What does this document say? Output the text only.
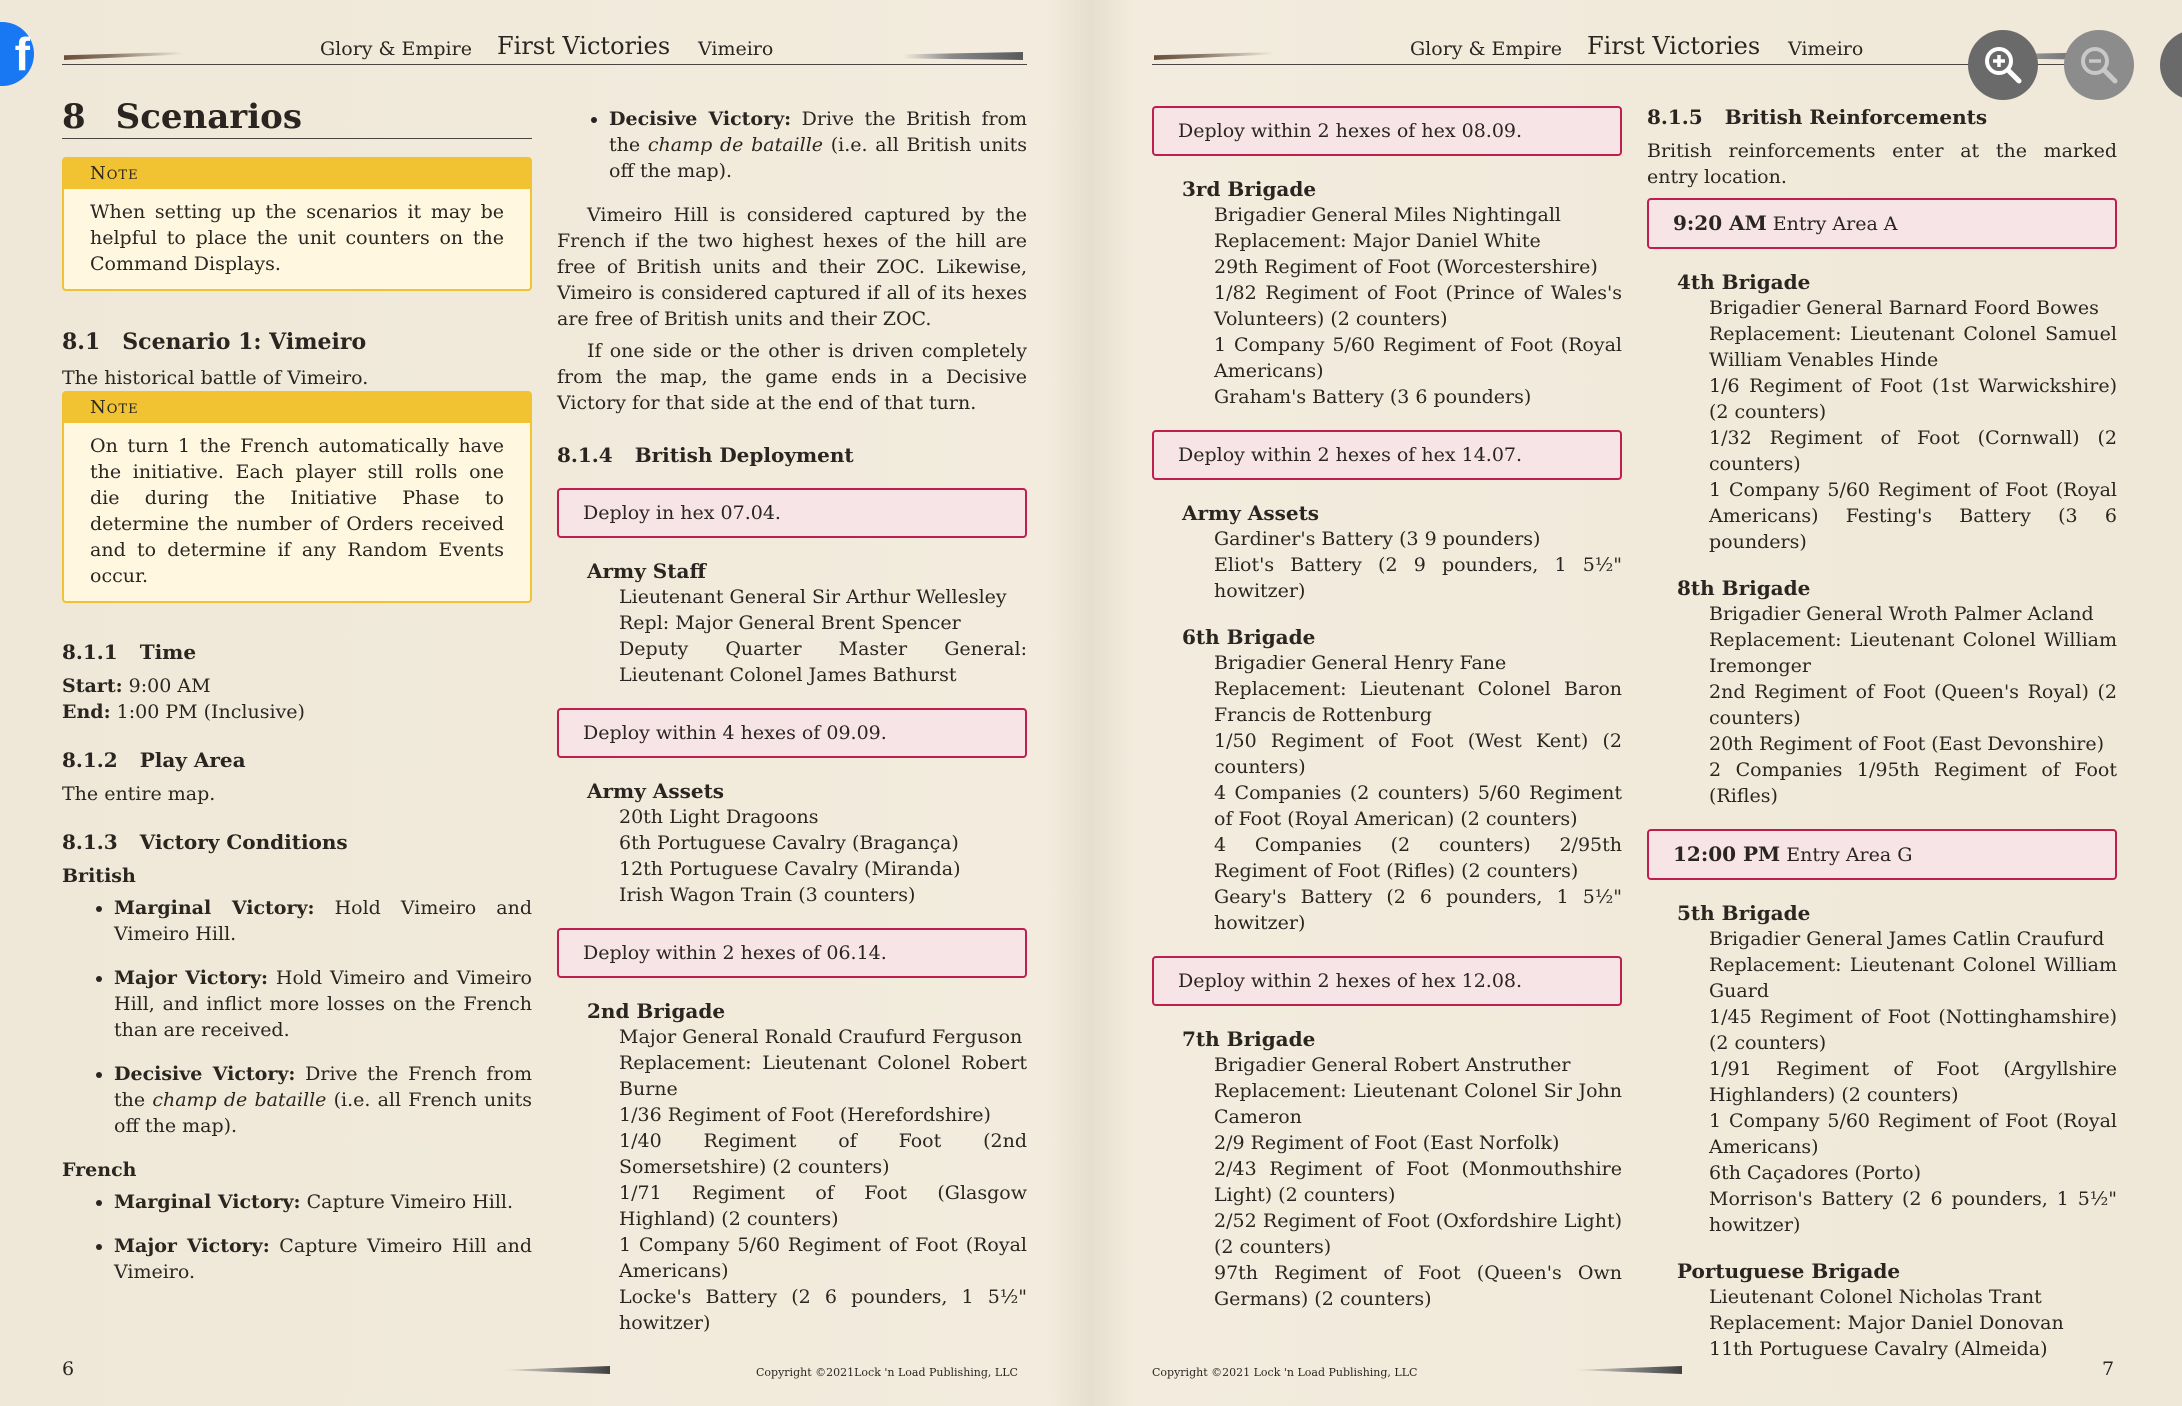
f	Glory & Empire First Victories Vimeiro
8 Scenarios
Note
When setting up the scenarios it may be helpful to place the unit counters on the Command Displays.
8.1 Scenario 1: Vimeiro

The historical battle of Vimeiro.

Note
On turn 1 the French automatically have the initiative. Each player still rolls one die during the Initiative Phase to determine the number of Orders received and to determine if any Random Events occur.
8.1.1 Time
Start: 9:00 AM
End: 1:00 PM (Inclusive)
8.1.2 Play Area

The entire map.

8.1.3 Victory Conditions
British
• Marginal Victory: Hold Vimeiro and Vimeiro Hill.
• Major Victory: Hold Vimeiro and Vimeiro Hill, and inflict more losses on the French than are received.
• Decisive Victory: Drive the French from the champ de bataille (i.e. all French units off the map).
French
• Marginal Victory: Capture Vimeiro Hill.
• Major Victory: Capture Vimeiro Hill and Vimeiro.
• Decisive Victory: Drive the British from the champ de bataille (i.e. all British units off the map).

Vimeiro Hill is considered captured by the French if the two highest hexes of the hill are free of British units and their ZOC. Likewise, Vimeiro is considered captured if all of its hexes are free of British units and their ZOC.

If one side or the other is driven completely from the map, the game ends in a Decisive Victory for that side at the end of that turn.

8.1.4 British Deployment
Deploy in hex 07.04.
Army Staff
Lieutenant General Sir Arthur Wellesley
Repl: Major General Brent Spencer
Deputy Quarter Master General: Lieutenant Colonel James Bathurst
Deploy within 4 hexes of 09.09.
Army Assets
20th Light Dragoons
6th Portuguese Cavalry (Bragança)
12th Portuguese Cavalry (Miranda)
Irish Wagon Train (3 counters)
Deploy within 2 hexes of 06.14.
2nd Brigade
Major General Ronald Craufurd Ferguson
Replacement: Lieutenant Colonel Robert Burne
1/36 Regiment of Foot (Herefordshire)
1/40 Regiment of Foot (2nd Somersetshire) (2 counters)
1/71 Regiment of Foot (Glasgow Highland) (2 counters)
1 Company 5/60 Regiment of Foot (Royal Americans)
Locke's Battery (2 6 pounders, 1 5½" howitzer)
6	Copyright ©2021Lock 'n Load Publishing, LLC
Glory & Empire First Victories Vimeiro
Deploy within 2 hexes of hex 08.09.
3rd Brigade
Brigadier General Miles Nightingall
Replacement: Major Daniel White
29th Regiment of Foot (Worcestershire)
1/82 Regiment of Foot (Prince of Wales's Volunteers) (2 counters)
1 Company 5/60 Regiment of Foot (Royal Americans)
Graham's Battery (3 6 pounders)
Deploy within 2 hexes of hex 14.07.
Army Assets
Gardiner's Battery (3 9 pounders)
Eliot's Battery (2 9 pounders, 1 5½" howitzer)
6th Brigade
Brigadier General Henry Fane
Replacement: Lieutenant Colonel Baron Francis de Rottenburg
1/50 Regiment of Foot (West Kent) (2 counters)
4 Companies (2 counters) 5/60 Regiment of Foot (Royal American) (2 counters)
4 Companies (2 counters) 2/95th Regiment of Foot (Rifles) (2 counters)
Geary's Battery (2 6 pounders, 1 5½" howitzer)
Deploy within 2 hexes of hex 12.08.
7th Brigade
Brigadier General Robert Anstruther
Replacement: Lieutenant Colonel Sir John Cameron
2/9 Regiment of Foot (East Norfolk)
2/43 Regiment of Foot (Monmouthshire Light) (2 counters)
2/52 Regiment of Foot (Oxfordshire Light) (2 counters)
97th Regiment of Foot (Queen's Own Germans) (2 counters)
8.1.5 British Reinforcements

British reinforcements enter at the marked entry location.

9:20 AM Entry Area A
4th Brigade
Brigadier General Barnard Foord Bowes
Replacement: Lieutenant Colonel Samuel William Venables Hinde
1/6 Regiment of Foot (1st Warwickshire) (2 counters)
1/32 Regiment of Foot (Cornwall) (2 counters)
1 Company 5/60 Regiment of Foot (Royal Americans) Festing's Battery (3 6 pounders)
8th Brigade
Brigadier General Wroth Palmer Acland
Replacement: Lieutenant Colonel William Iremonger
2nd Regiment of Foot (Queen's Royal) (2 counters)
20th Regiment of Foot (East Devonshire)
2 Companies 1/95th Regiment of Foot (Rifles)
12:00 PM Entry Area G
5th Brigade
Brigadier General James Catlin Craufurd
Replacement: Lieutenant Colonel William Guard
1/45 Regiment of Foot (Nottinghamshire) (2 counters)
1/91 Regiment of Foot (Argyllshire Highlanders) (2 counters)
1 Company 5/60 Regiment of Foot (Royal Americans)
6th Caçadores (Porto)
Morrison's Battery (2 6 pounders, 1 5½" howitzer)
Portuguese Brigade
Lieutenant Colonel Nicholas Trant
Replacement: Major Daniel Donovan
11th Portuguese Cavalry (Almeida)
Copyright ©2021 Lock 'n Load Publishing, LLC	7
